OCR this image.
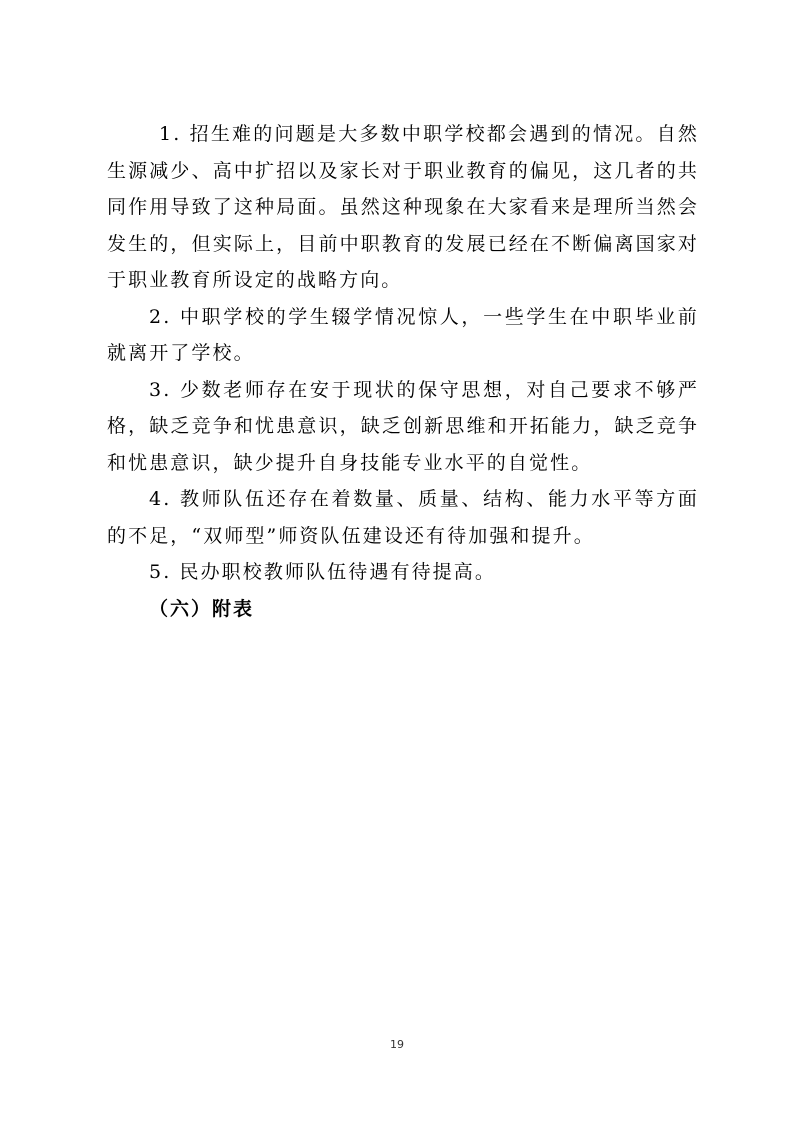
1. 招生难的问题是大多数中职学校都会遇到的情况。自然生源减少、高中扩招以及家长对于职业教育的偏见，这几者的共同作用导致了这种局面。虽然这种现象在大家看来是理所当然会发生的，但实际上，目前中职教育的发展已经在不断偏离国家对于职业教育所设定的战略方向。

2. 中职学校的学生辍学情况惊人，一些学生在中职毕业前就离开了学校。

3. 少数老师存在安于现状的保守思想，对自己要求不够严格，缺乏竞争和忧患意识，缺乏创新思维和开拓能力，缺乏竞争和忧患意识，缺少提升自身技能专业水平的自觉性。

4. 教师队伍还存在着数量、质量、结构、能力水平等方面的不足，“双师型”师资队伍建设还有待加强和提升。

5. 民办职校教师队伍待遇有待提高。

（六）附表

19
